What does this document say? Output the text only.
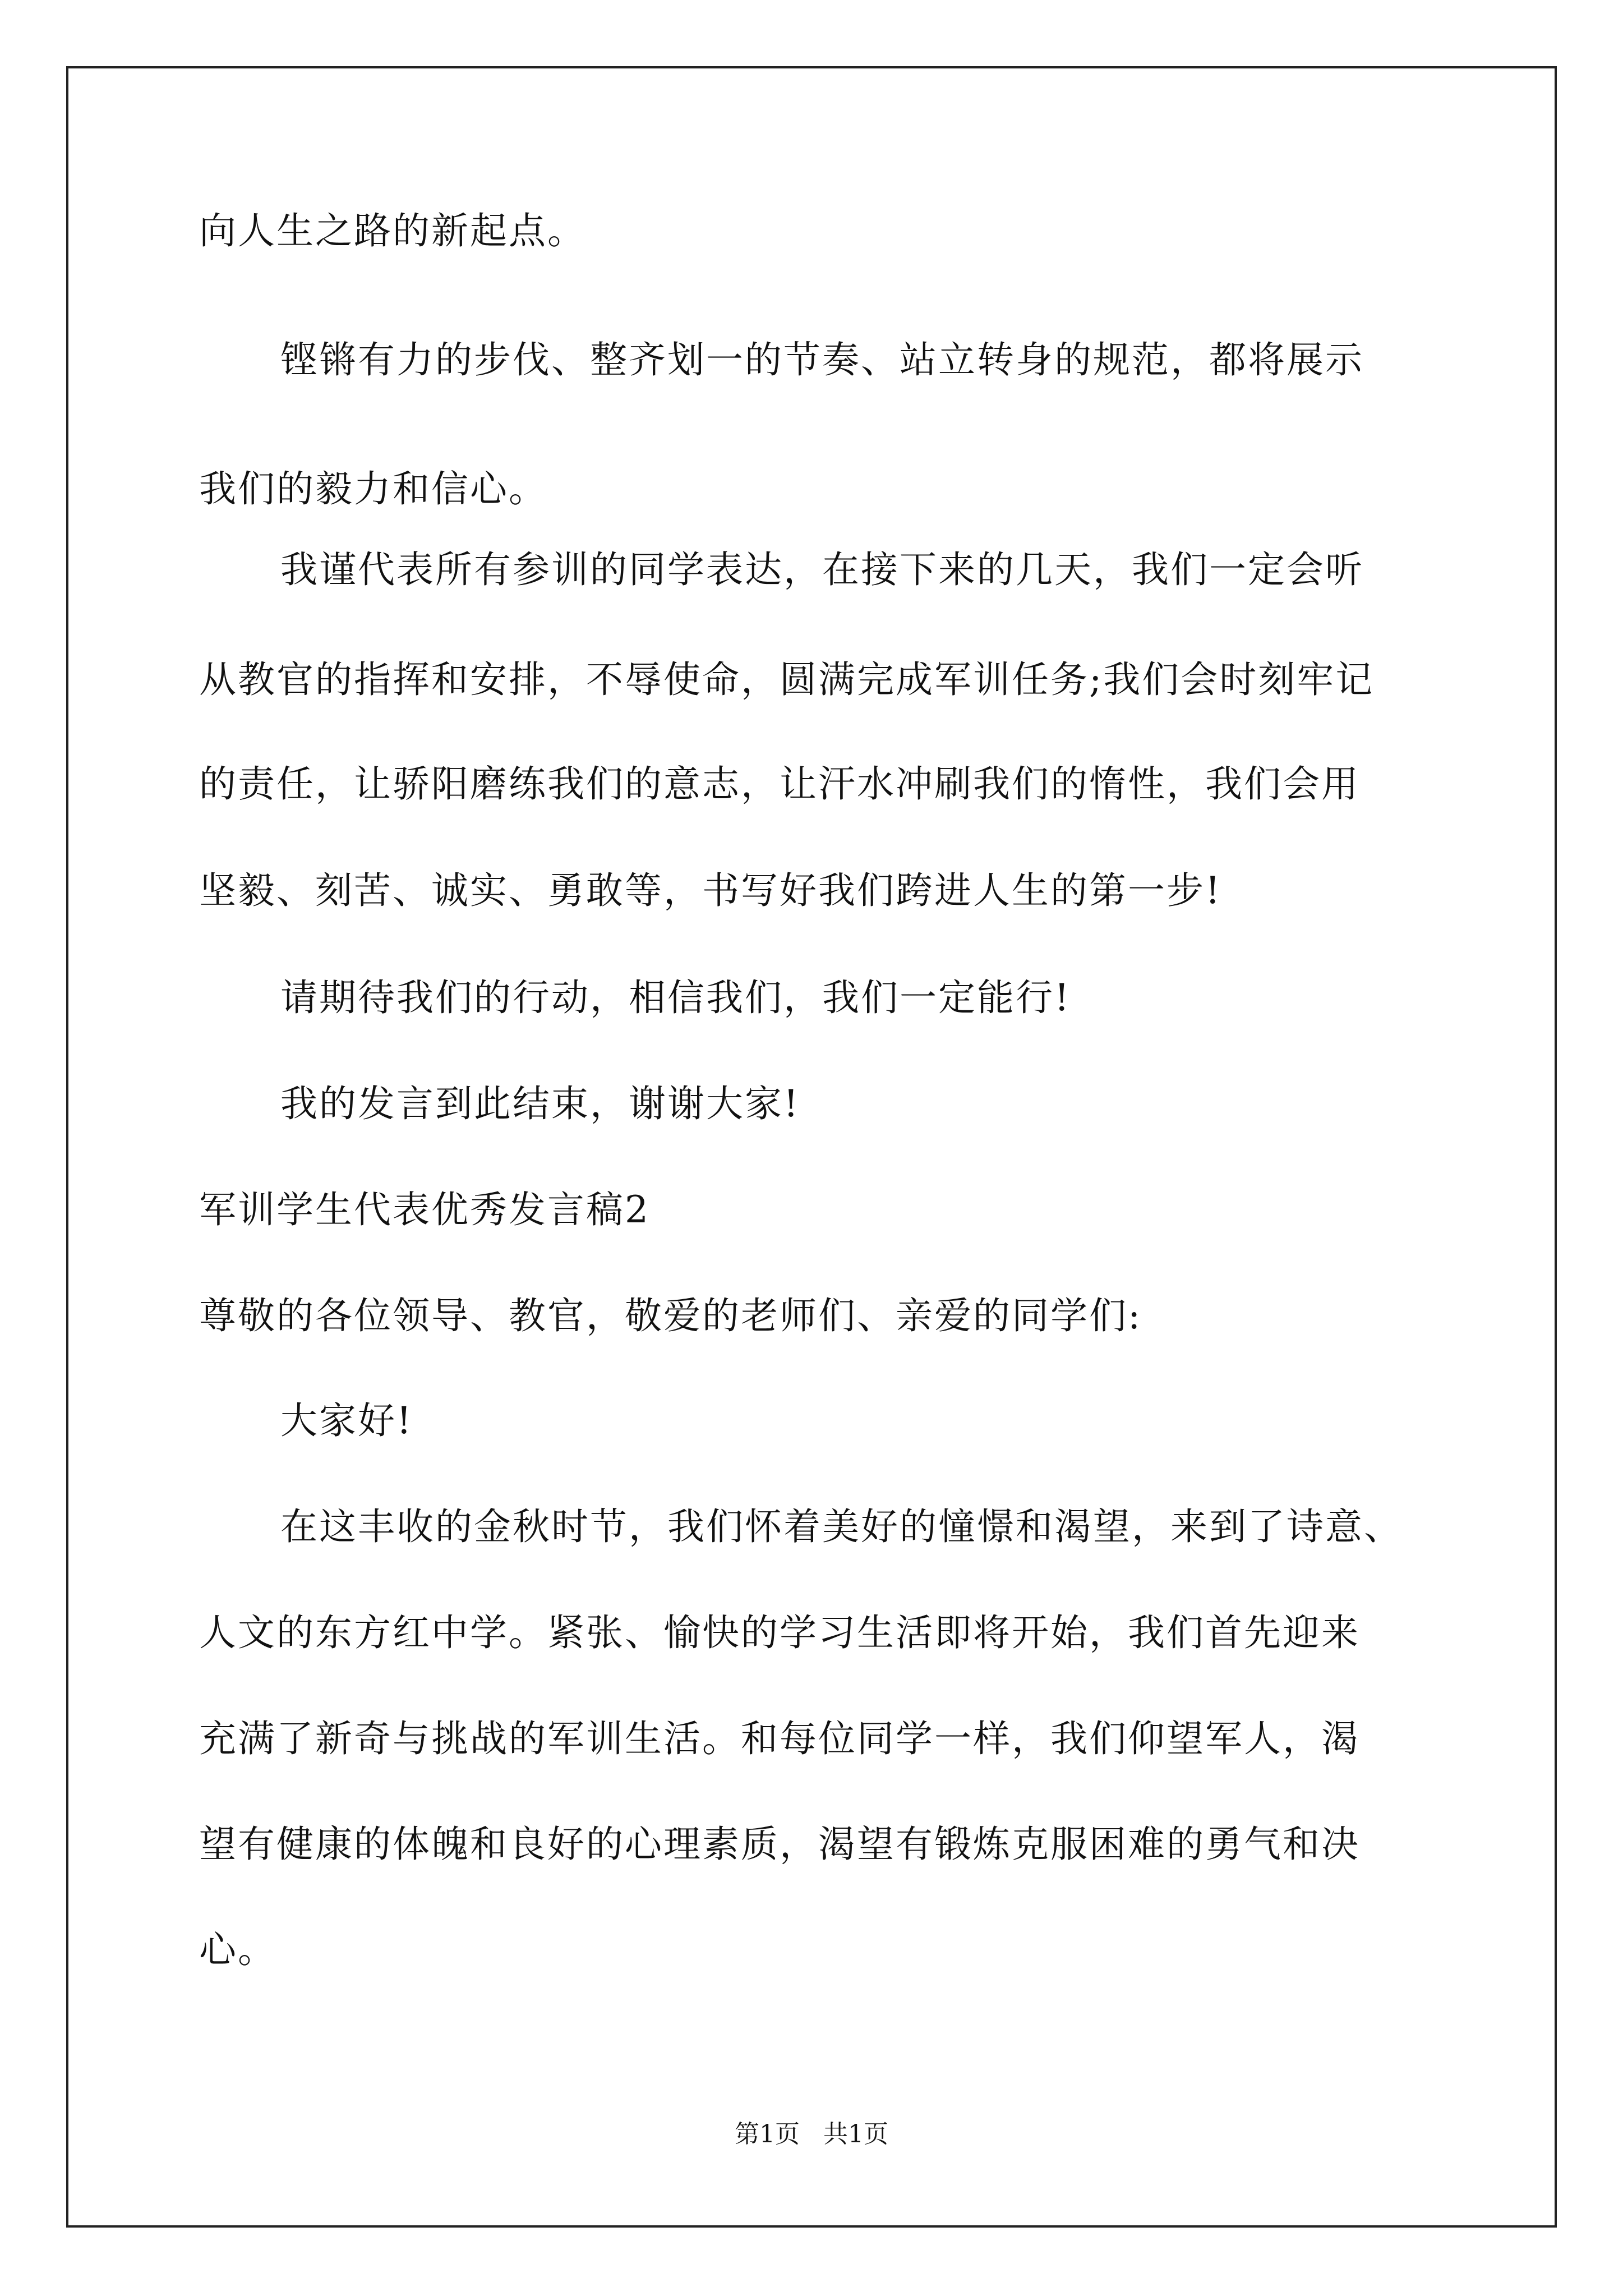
向人生之路的新起点。

铿锵有力的步伐、整齐划一的节奏、站立转身的规范，都将展示

我们的毅力和信心。

我谨代表所有参训的同学表达，在接下来的几天，我们一定会听

从教官的指挥和安排，不辱使命，圆满完成军训任务;我们会时刻牢记

的责任，让骄阳磨练我们的意志，让汗水冲刷我们的惰性，我们会用

坚毅、刻苦、诚实、勇敢等，书写好我们跨进人生的第一步!

请期待我们的行动，相信我们，我们一定能行!

我的发言到此结束，谢谢大家!

军训学生代表优秀发言稿2

尊敬的各位领导、教官，敬爱的老师们、亲爱的同学们:

大家好!

在这丰收的金秋时节，我们怀着美好的憧憬和渴望，来到了诗意、

人文的东方红中学。紧张、愉快的学习生活即将开始，我们首先迎来

充满了新奇与挑战的军训生活。和每位同学一样，我们仰望军人，渴

望有健康的体魄和良好的心理素质，渴望有锻炼克服困难的勇气和决

心。

第1页   共1页
